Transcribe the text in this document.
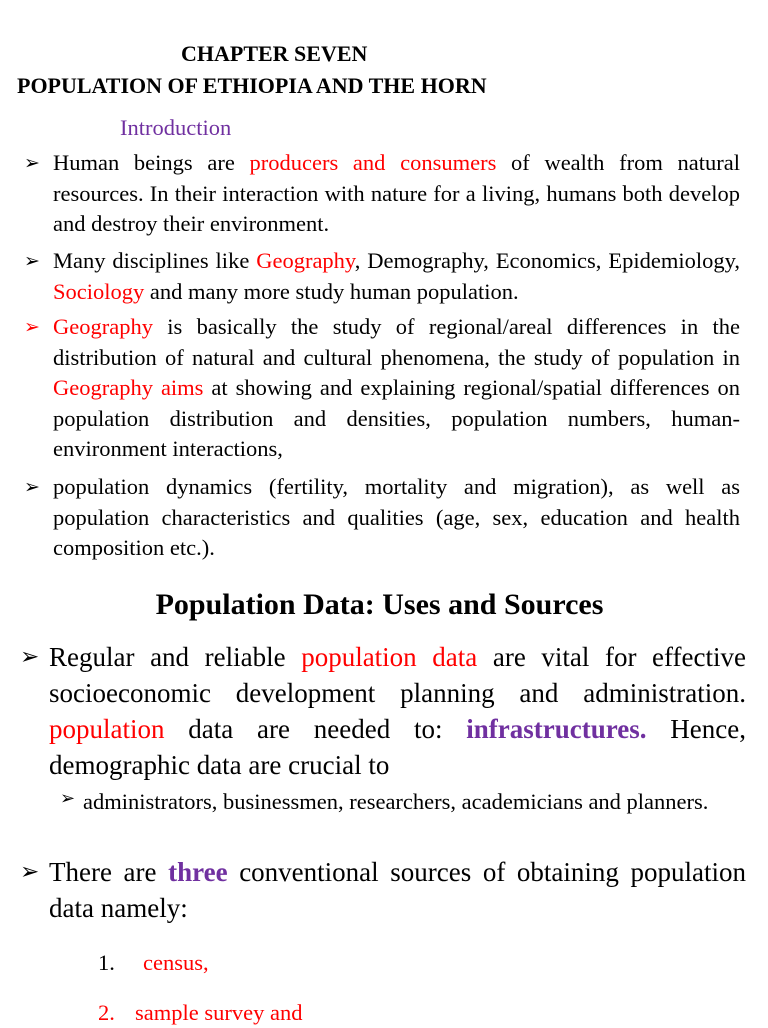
CHAPTER SEVEN
POPULATION OF ETHIOPIA AND THE HORN
Introduction
➢ Human beings are producers and consumers of wealth from natural resources. In their interaction with nature for a living, humans both develop and destroy their environment.
➢ Many disciplines like Geography, Demography, Economics, Epidemiology, Sociology and many more study human population.
➢ Geography is basically the study of regional/areal differences in the distribution of natural and cultural phenomena, the study of population in Geography aims at showing and explaining regional/spatial differences on population distribution and densities, population numbers, human-environment interactions,
➢ population dynamics (fertility, mortality and migration), as well as population characteristics and qualities (age, sex, education and health composition etc.).
Population Data: Uses and Sources
➢ Regular and reliable population data are vital for effective socioeconomic development planning and administration. population data are needed to: infrastructures. Hence, demographic data are crucial to
➢ administrators, businessmen, researchers, academicians and planners.
➢ There are three conventional sources of obtaining population data namely:
1. census,
2. sample survey and
